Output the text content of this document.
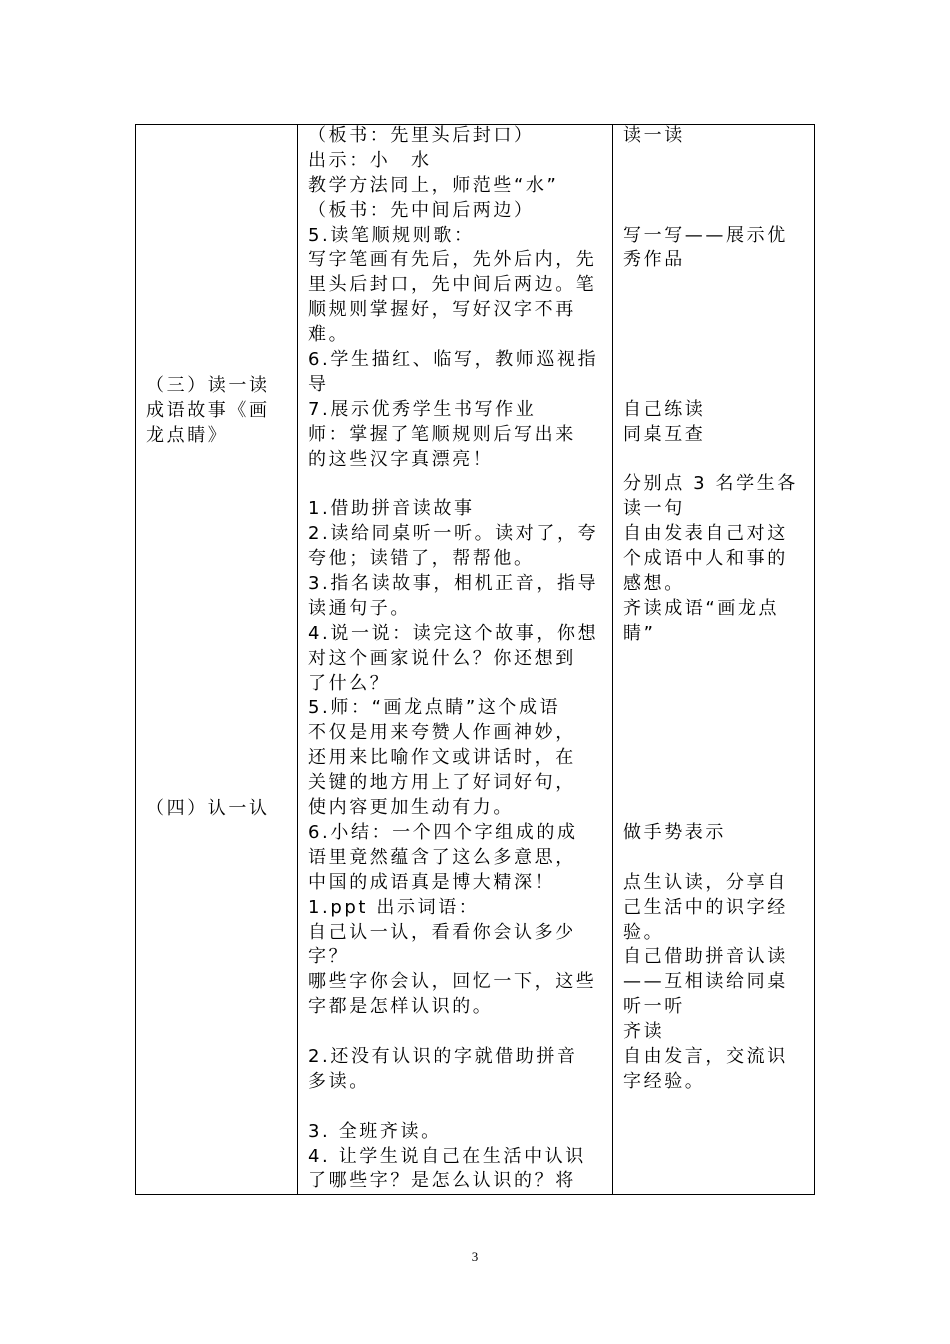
（三）读一读
成语故事《画
龙点睛》
（四）认一认
（板书：先里头后封口）
出示：小　水
教学方法同上，师范些“水”
（板书：先中间后两边）
5.读笔顺规则歌：
写字笔画有先后，先外后内，先
里头后封口，先中间后两边。笔
顺规则掌握好，写好汉字不再
难。
6.学生描红、临写，教师巡视指
导
7.展示优秀学生书写作业
师：掌握了笔顺规则后写出来
的这些汉字真漂亮！
1.借助拼音读故事
2.读给同桌听一听。读对了，夸
夸他；读错了，帮帮他。
3.指名读故事，相机正音，指导
读通句子。
4.说一说：读完这个故事，你想
对这个画家说什么？你还想到
了什么？
5.师：“画龙点睛”这个成语
不仅是用来夸赞人作画神妙，
还用来比喻作文或讲话时，在
关键的地方用上了好词好句，
使内容更加生动有力。
6.小结：一个四个字组成的成
语里竟然蕴含了这么多意思，
中国的成语真是博大精深！
1.ppt 出示词语：
自己认一认，看看你会认多少
字？
哪些字你会认，回忆一下，这些
字都是怎样认识的。
2.还没有认识的字就借助拼音
多读。
3. 全班齐读。
4. 让学生说自己在生活中认识
了哪些字？是怎么认识的？将
读一读
写一写——展示优
秀作品
自己练读
同桌互查
分别点 3 名学生各
读一句
自由发表自己对这
个成语中人和事的
感想。
齐读成语“画龙点
睛”
做手势表示
点生认读，分享自
己生活中的识字经
验。
自己借助拼音认读
——互相读给同桌
听一听
齐读
自由发言，交流识
字经验。
3
